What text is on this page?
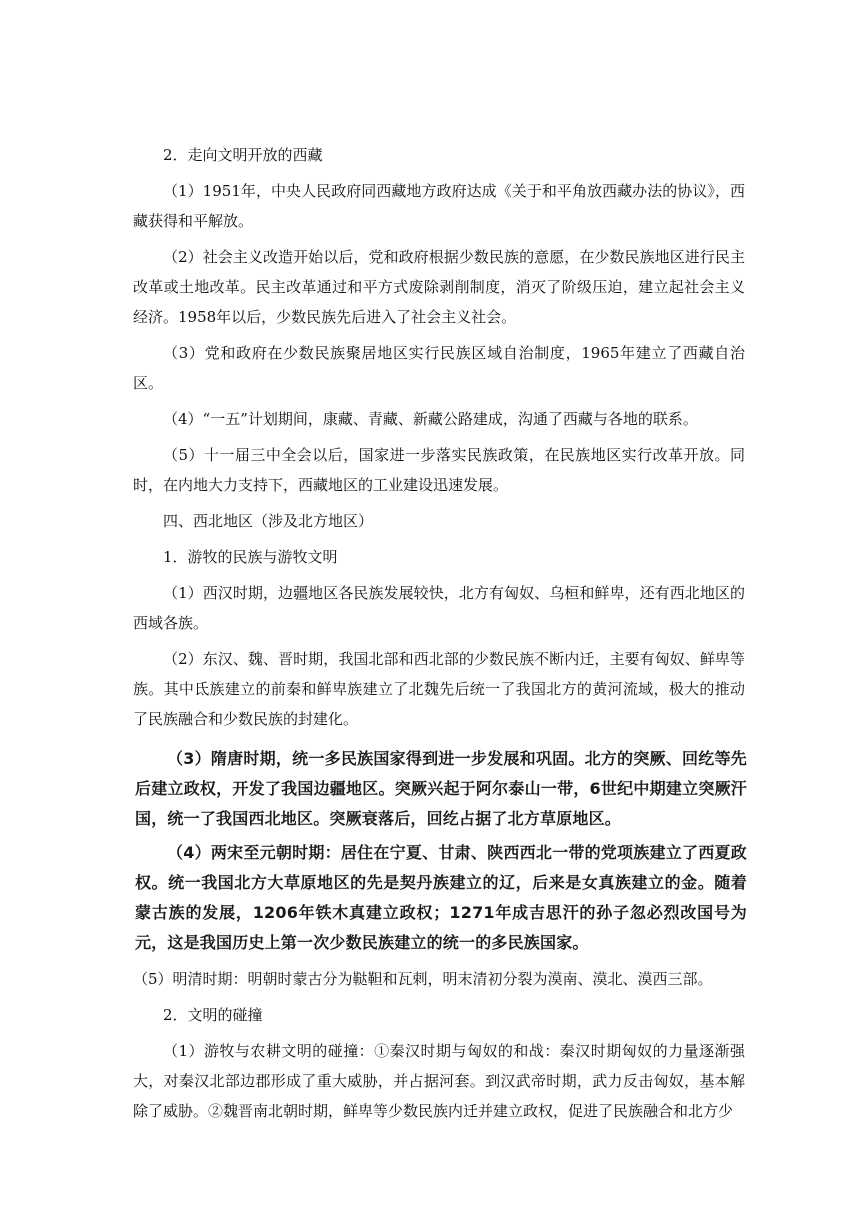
2．走向文明开放的西藏

（1）1951年，中央人民政府同西藏地方政府达成《关于和平角放西藏办法的协议》，西藏获得和平解放。

（2）社会主义改造开始以后，党和政府根据少数民族的意愿，在少数民族地区进行民主改革或土地改革。民主改革通过和平方式废除剥削制度，消灭了阶级压迫，建立起社会主义经济。1958年以后，少数民族先后进入了社会主义社会。

（3）党和政府在少数民族聚居地区实行民族区域自治制度，1965年建立了西藏自治区。

（4）“一五”计划期间，康藏、青藏、新藏公路建成，沟通了西藏与各地的联系。

（5）十一届三中全会以后，国家进一步落实民族政策，在民族地区实行改革开放。同时，在内地大力支持下，西藏地区的工业建设迅速发展。

四、西北地区（涉及北方地区）

1．游牧的民族与游牧文明

（1）西汉时期，边疆地区各民族发展较快，北方有匈奴、乌桓和鲜卑，还有西北地区的西域各族。

（2）东汉、魏、晋时期，我国北部和西北部的少数民族不断内迁，主要有匈奴、鲜卑等族。其中氐族建立的前秦和鲜卑族建立了北魏先后统一了我国北方的黄河流域，极大的推动了民族融合和少数民族的封建化。

（3）隋唐时期，统一多民族国家得到进一步发展和巩固。北方的突厥、回纥等先后建立政权，开发了我国边疆地区。突厥兴起于阿尔泰山一带，6世纪中期建立突厥汗国，统一了我国西北地区。突厥衰落后，回纥占据了北方草原地区。

（4）两宋至元朝时期：居住在宁夏、甘肃、陕西西北一带的党项族建立了西夏政权。统一我国北方大草原地区的先是契丹族建立的辽，后来是女真族建立的金。随着蒙古族的发展，1206年铁木真建立政权；1271年成吉思汗的孙子忽必烈改国号为元，这是我国历史上第一次少数民族建立的统一的多民族国家。

（5）明清时期：明朝时蒙古分为鞑靼和瓦剌，明末清初分裂为漠南、漠北、漠西三部。

2．文明的碰撞

（1）游牧与农耕文明的碰撞：①秦汉时期与匈奴的和战：秦汉时期匈奴的力量逐渐强大，对秦汉北部边郡形成了重大威胁，并占据河套。到汉武帝时期，武力反击匈奴，基本解除了威胁。②魏晋南北朝时期，鲜卑等少数民族内迁并建立政权，促进了民族融合和北方少
